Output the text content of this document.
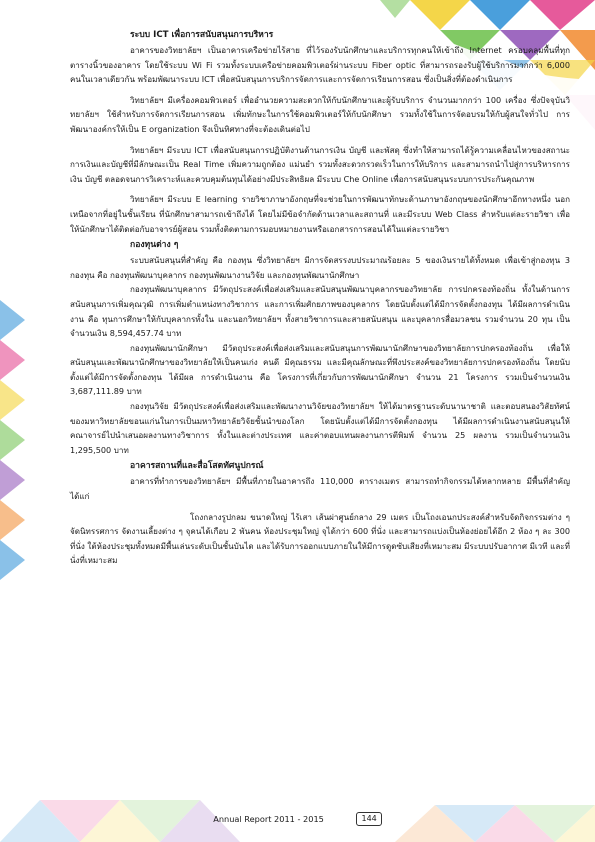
ระบบ ICT เพื่อการสนับสนุนการบริหาร

อาคารของวิทยาลัยฯ เป็นอาคารเครือข่ายไร้สาย ที่ไว้รองรับนักศึกษาและบริการทุกคนให้เข้าถึง Internet ครอบคลุมพื้นที่ทุกตารางนิ้วของอาคาร โดยใช้ระบบ Wi Fi รวมทั้งระบบเครือข่ายคอมพิวเตอร์ผ่านระบบ Fiber optic ที่สามารถรองรับผู้ใช้บริการมากกว่า 6,000 คนในเวลาเดียวกัน พร้อมพัฒนาระบบ ICT เพื่อสนับสนุนการบริการจัดการและการจัดการเรียนการสอน ซึ่งเป็นสิ่งที่ต้องดำเนินการ

วิทยาลัยฯ มีเครื่องคอมพิวเตอร์ เพื่ออำนวยความสะดวกให้กับนักศึกษาและผู้รับบริการ จำนวนมากกว่า 100 เครื่อง ซึ่งปัจจุบันวิทยาลัยฯ ใช้สำหรับการจัดการเรียนการสอน เพิ่มทักษะในการใช้คอมพิวเตอร์ให้กับนักศึกษา รวมทั้งใช้ในการจัดอบรมให้กับผู้สนใจทั่วไป การพัฒนาองค์กรให้เป็น E organization จึงเป็นทิศทางที่จะต้องเดินต่อไป

วิทยาลัยฯ มีระบบ ICT เพื่อสนับสนุนการปฏิบัติงานด้านการเงิน บัญชี และพัสดุ ซึ่งทำให้สามารถได้รู้ความเคลื่อนไหวของสถานะการเงินและบัญชีที่มีลักษณะเป็น Real Time เพิ่มความถูกต้อง แม่นยำ รวมทั้งสะดวกรวดเร็วในการให้บริการ และสามารถนำไปสู่การบริหารการเงิน บัญชี ตลอดจนการวิเคราะห์และควบคุมต้นทุนได้อย่างมีประสิทธิผล มีระบบ Che Online เพื่อการสนับสนุนระบบการประกันคุณภาพ

วิทยาลัยฯ มีระบบ E learning รายวิชาภาษาอังกฤษที่จะช่วยในการพัฒนาทักษะด้านภาษาอังกฤษของนักศึกษาอีกทางหนึ่ง นอกเหนือจากที่อยู่ในชั้นเรียน ที่นักศึกษาสามารถเข้าถึงได้ โดยไม่มีข้อจำกัดด้านเวลาและสถานที่ และมีระบบ Web Class สำหรับแต่ละรายวิชา เพื่อให้นักศึกษาได้ติดต่อกับอาจารย์ผู้สอน รวมทั้งติดตามการมอบหมายงานหรือเอกสารการสอนได้ในแต่ละรายวิชา

กองทุนต่าง ๆ

ระบบสนับสนุนที่สำคัญ คือ กองทุน ซึ่งวิทยาลัยฯ มีการจัดสรรงบประมาณร้อยละ 5 ของเงินรายได้ทั้งหมด เพื่อเข้าสู่กองทุน 3 กองทุน คือ กองทุนพัฒนาบุคลากร กองทุนพัฒนางานวิจัย และกองทุนพัฒนานักศึกษา

กองทุนพัฒนาบุคลากร มีวัตถุประสงค์เพื่อส่งเสริมและสนับสนุนพัฒนาบุคลากรของวิทยาลัย การปกครองท้องถิ่น ทั้งในด้านการสนับสนุนการเพิ่มคุณวุฒิ การเพิ่มตำแหน่งทางวิชาการ และการเพิ่มศักยภาพของบุคลากร โดยนับตั้งแต่ได้มีการจัดตั้งกองทุน ได้มีผลการดำเนินงาน คือ ทุนการศึกษาให้กับบุคลากรทั้งใน และนอกวิทยาลัยฯ ทั้งสายวิชาการและสายสนับสนุน และบุคลากรสื่อมวลชน รวมจำนวน 20 ทุน เป็นจำนวนเงิน 8,594,457.74 บาท

กองทุนพัฒนานักศึกษา มีวัตถุประสงค์เพื่อส่งเสริมและสนับสนุนการพัฒนานักศึกษาของวิทยาลัยการปกครองท้องถิ่น เพื่อให้สนับสนุนและพัฒนานักศึกษาของวิทยาลัยให้เป็นคนเก่ง คนดี มีคุณธรรม และมีคุณลักษณะที่พึงประสงค์ของวิทยาลัยการปกครองท้องถิ่น โดยนับตั้งแต่ได้มีการจัดตั้งกองทุน ได้มีผล การดำเนินงาน คือ โครงการที่เกี่ยวกับการพัฒนานักศึกษา จำนวน 21 โครงการ รวมเป็นจำนวนเงิน 3,687,111.89 บาท

กองทุนวิจัย มีวัตถุประสงค์เพื่อส่งเสริมและพัฒนางานวิจัยของวิทยาลัยฯ ให้ได้มาตรฐานระดับนานาชาติ และตอบสนองวิสัยทัศน์ของมหาวิทยาลัยขอนแก่นในการเป็นมหาวิทยาลัยวิจัยชั้นนำของโลก โดยนับตั้งแต่ได้มีการจัดตั้งกองทุน ได้มีผลการดำเนินงานสนับสนุนให้คณาจารย์ไปนำเสนอผลงานทางวิชาการ ทั้งในและต่างประเทศ และค่าตอบแทนผลงานการตีพิมพ์ จำนวน 25 ผลงาน รวมเป็นจำนวนเงิน 1,295,500 บาท

อาคารสถานที่และสื่อโสตทัศนูปกรณ์

อาคารที่ทำการของวิทยาลัยฯ มีพื้นที่ภายในอาคารถึง 110,000 ตารางเมตร สามารถทำกิจกรรมได้หลากหลาย มีพื้นที่สำคัญ ได้แก่

โถงกลางรูปกลม ขนาดใหญ่ ไร้เสา เส้นผ่าศูนย์กลาง 29 เมตร เป็นโถงเอนกประสงค์สำหรับจัดกิจกรรมต่าง ๆ จัดนิทรรศการ จัดงานเลี้ยงต่าง ๆ จุคนได้เกือบ 2 พันคน ห้องประชุมใหญ่ จุได้กว่า 600 ที่นั่ง และสามารถแบ่งเป็นห้องย่อยได้อีก 2 ห้อง ๆ ละ 300 ที่นั่ง ใต้ห้องประชุมทั้งหมดมีพื้นเล่นระดับเป็นชั้นบันได และได้รับการออกแบบภายในให้มีการดูดซับเสียงที่เหมาะสม มีระบบปรับอากาศ มีเวที และที่นั่งที่เหมาะสม

Annual Report 2011 - 2015	144
